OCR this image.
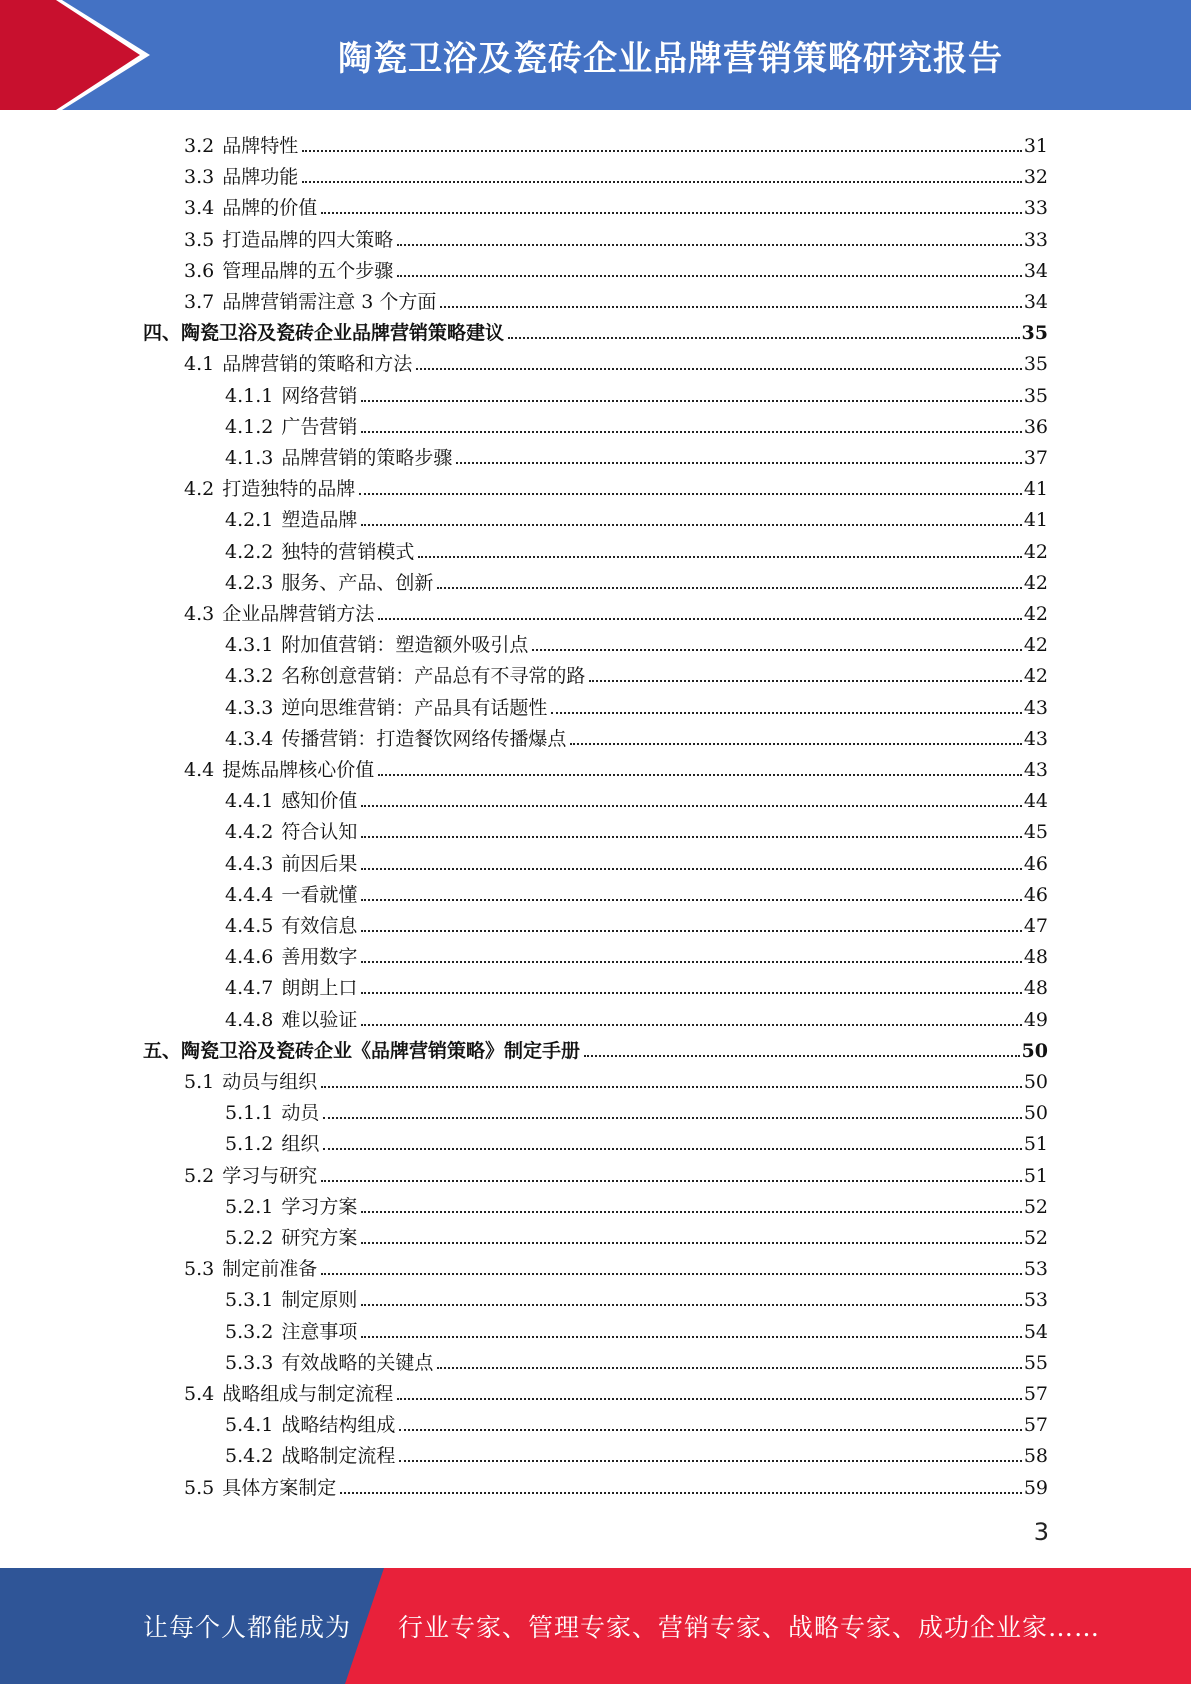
陶瓷卫浴及瓷砖企业品牌营销策略研究报告
3.2 品牌特性	31
3.3 品牌功能	32
3.4 品牌的价值	33
3.5 打造品牌的四大策略	33
3.6 管理品牌的五个步骤	34
3.7 品牌营销需注意 3 个方面	34
四、陶瓷卫浴及瓷砖企业品牌营销策略建议	35
4.1 品牌营销的策略和方法	35
4.1.1 网络营销	35
4.1.2 广告营销	36
4.1.3 品牌营销的策略步骤	37
4.2 打造独特的品牌	41
4.2.1 塑造品牌	41
4.2.2 独特的营销模式	42
4.2.3 服务、产品、创新	42
4.3 企业品牌营销方法	42
4.3.1 附加值营销：塑造额外吸引点	42
4.3.2 名称创意营销：产品总有不寻常的路	42
4.3.3 逆向思维营销：产品具有话题性	43
4.3.4 传播营销：打造餐饮网络传播爆点	43
4.4 提炼品牌核心价值	43
4.4.1 感知价值	44
4.4.2 符合认知	45
4.4.3 前因后果	46
4.4.4 一看就懂	46
4.4.5 有效信息	47
4.4.6 善用数字	48
4.4.7 朗朗上口	48
4.4.8 难以验证	49
五、陶瓷卫浴及瓷砖企业《品牌营销策略》制定手册	50
5.1 动员与组织	50
5.1.1 动员	50
5.1.2 组织	51
5.2 学习与研究	51
5.2.1 学习方案	52
5.2.2 研究方案	52
5.3 制定前准备	53
5.3.1 制定原则	53
5.3.2 注意事项	54
5.3.3 有效战略的关键点	55
5.4 战略组成与制定流程	57
5.4.1 战略结构组成	57
5.4.2 战略制定流程	58
5.5 具体方案制定	59
3
让每个人都能成为 行业专家、管理专家、营销专家、战略专家、成功企业家……
